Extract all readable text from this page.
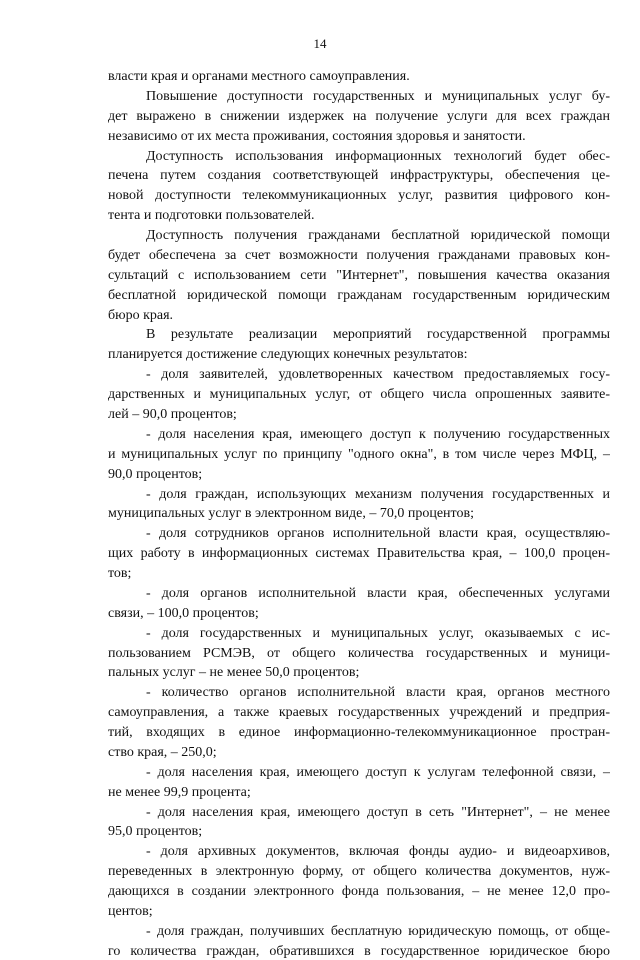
14
власти края и органами местного самоуправления.
Повышение доступности государственных и муниципальных услуг бу-
дет выражено в снижении издержек на получение услуги для всех граждан
независимо от их места проживания, состояния здоровья и занятости.
Доступность использования информационных технологий будет обес-
печена путем создания соответствующей инфраструктуры, обеспечения це-
новой доступности телекоммуникационных услуг, развития цифрового кон-
тента и подготовки пользователей.
Доступность получения гражданами бесплатной юридической помощи
будет обеспечена за счет возможности получения гражданами правовых кон-
сультаций с использованием сети "Интернет", повышения качества оказания
бесплатной юридической помощи гражданам государственным юридическим
бюро края.
В результате реализации мероприятий государственной программы
планируется достижение следующих конечных результатов:
- доля заявителей, удовлетворенных качеством предоставляемых госу-
дарственных и муниципальных услуг, от общего числа опрошенных заявите-
лей – 90,0 процентов;
- доля населения края, имеющего доступ к получению государственных
и муниципальных услуг по принципу "одного окна", в том числе через МФЦ, –
90,0 процентов;
- доля граждан, использующих механизм получения государственных и
муниципальных услуг в электронном виде, – 70,0 процентов;
- доля сотрудников органов исполнительной власти края, осуществляю-
щих работу в информационных системах Правительства края, – 100,0 процен-
тов;
- доля органов исполнительной власти края, обеспеченных услугами
связи, – 100,0 процентов;
- доля государственных и муниципальных услуг, оказываемых с ис-
пользованием РСМЭВ, от общего количества государственных и муници-
пальных услуг – не менее 50,0 процентов;
- количество органов исполнительной власти края, органов местного
самоуправления, а также краевых государственных учреждений и предприя-
тий, входящих в единое информационно-телекоммуникационное простран-
ство края, – 250,0;
- доля населения края, имеющего доступ к услугам телефонной связи, –
не менее 99,9 процента;
- доля населения края, имеющего доступ в сеть "Интернет", – не менее
95,0 процентов;
- доля архивных документов, включая фонды аудио- и видеоархивов,
переведенных в электронную форму, от общего количества документов, нуж-
дающихся в создании электронного фонда пользования, – не менее 12,0 про-
центов;
- доля граждан, получивших бесплатную юридическую помощь, от обще-
го количества граждан, обратившихся в государственное юридическое бюро
